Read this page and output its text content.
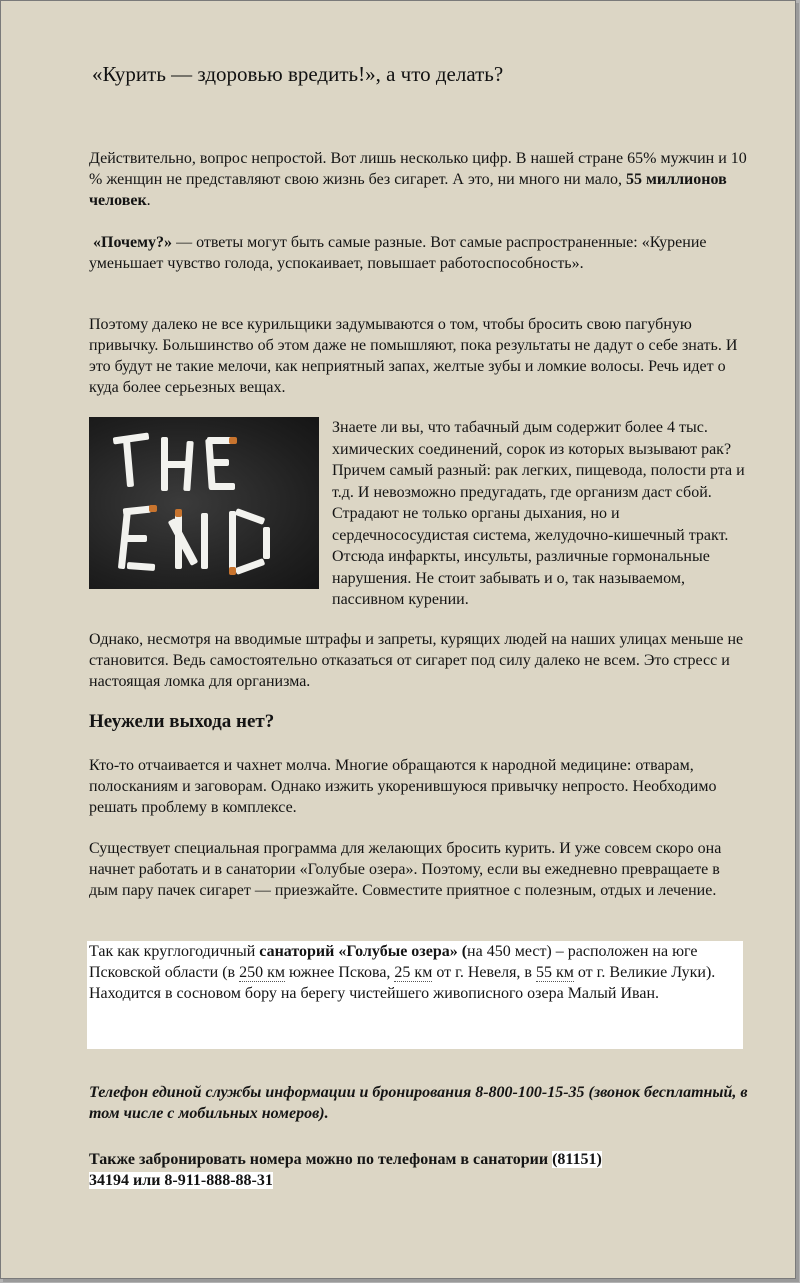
«Курить — здоровью вредить!», а что делать?

Действительно, вопрос непростой. Вот лишь несколько цифр. В нашей стране 65% мужчин и 10 % женщин не представляют свою жизнь без сигарет. А это, ни много ни мало, 55 миллионов человек.

«Почему?» — ответы могут быть самые разные. Вот самые распространенные: «Курение уменьшает чувство голода, успокаивает, повышает работоспособность».

Поэтому далеко не все курильщики задумываются о том, чтобы бросить свою пагубную привычку. Большинство об этом даже не помышляют, пока результаты не дадут о себе знать. И это будут не такие мелочи, как неприятный запах, желтые зубы и ломкие волосы. Речь идет о куда более серьезных вещах.

Знаете ли вы, что табачный дым содержит более 4 тыс. химических соединений, сорок из которых вызывают рак? Причем самый разный: рак легких, пищевода, полости рта и т.д. И невозможно предугадать, где организм даст сбой. Страдают не только органы дыхания, но и сердечнососудистая система, желудочно-кишечный тракт. Отсюда инфаркты, инсульты, различные гормональные нарушения. Не стоит забывать и о, так называемом, пассивном курении.

Однако, несмотря на вводимые штрафы и запреты, курящих людей на наших улицах меньше не становится. Ведь самостоятельно отказаться от сигарет под силу далеко не всем. Это стресс и настоящая ломка для организма.

Неужели выхода нет?

Кто-то отчаивается и чахнет молча. Многие обращаются к народной медицине: отварам, полосканиям и заговорам. Однако изжить укоренившуюся привычку непросто. Необходимо решать проблему в комплексе.

Существует специальная программа для желающих бросить курить. И уже совсем скоро она начнет работать и в санатории «Голубые озера». Поэтому, если вы ежедневно превращаете в дым пару пачек сигарет — приезжайте. Совместите приятное с полезным, отдых и лечение.

Так как круглогодичный санаторий «Голубые озера» (на 450 мест) – расположен на юге Псковской области (в 250 км южнее Пскова, 25 км от г. Невеля, в 55 км от г. Великие Луки). Находится в сосновом бору на берегу чистейшего живописного озера Малый Иван.

Телефон единой службы информации и бронирования 8-800-100-15-35 (звонок бесплатный, в том числе с мобильных номеров).

Также забронировать номера можно по телефонам в санатории (81151)
34194 или 8-911-888-88-31
